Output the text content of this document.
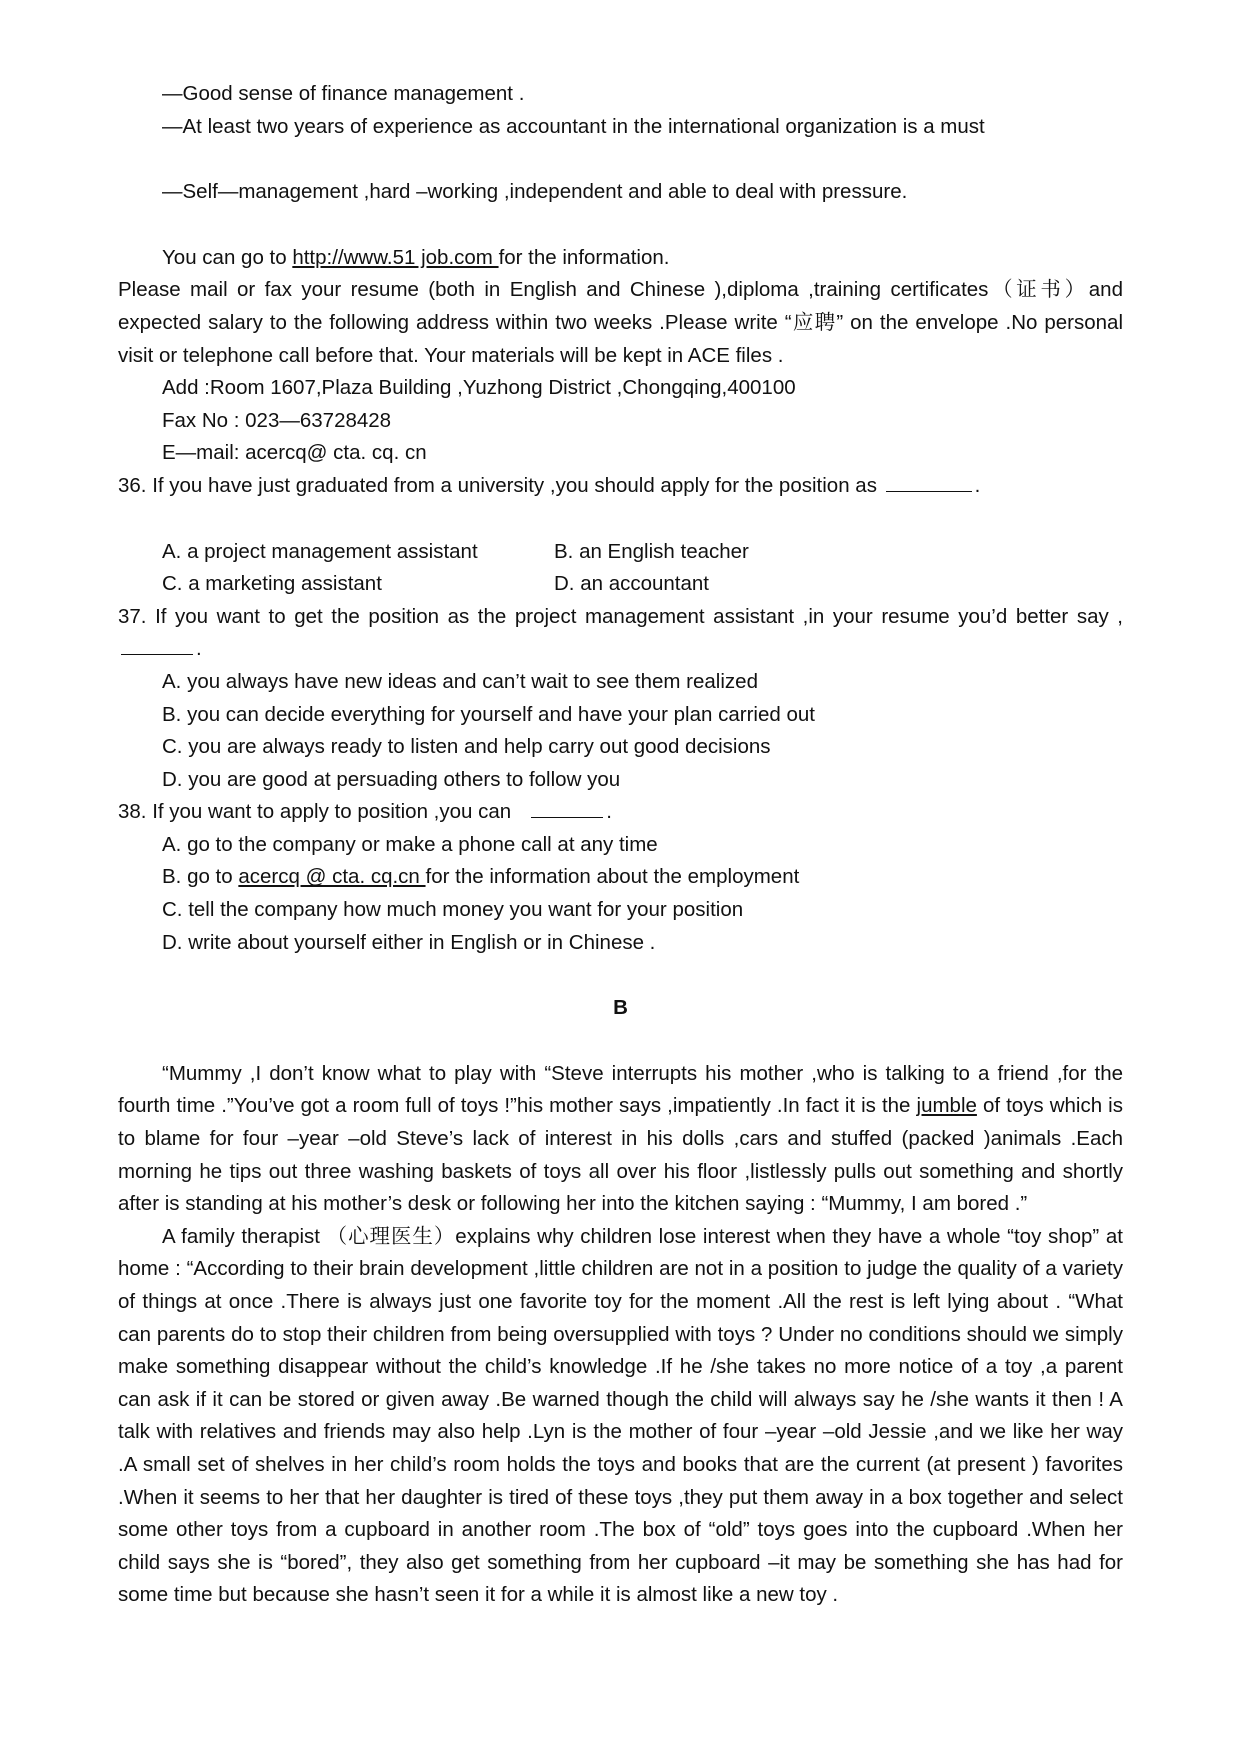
—Good sense of finance management .
—At least two years of experience as accountant in the international organization is a must
—Self—management ,hard –working ,independent and able to deal with pressure.
You can go to http://www.51 job.com for the information.
Please mail or fax your resume (both in English and Chinese ),diploma ,training certificates（证书）and expected salary to the following address within two weeks .Please write “应聘” on the envelope .No personal visit or telephone call before that. Your materials will be kept in ACE files .
Add :Room 1607,Plaza Building ,Yuzhong District ,Chongqing,400100
Fax No : 023—63728428
E—mail: acercq@ cta. cq. cn
36. If you have just graduated from a university ,you should apply for the position as	.
A. a project management assistant	B. an English teacher
C. a marketing assistant	D. an accountant
37. If you want to get the position as the project management assistant ,in your resume you’d better say , .
A. you always have new ideas and can’t wait to see them realized
B. you can decide everything for yourself and have your plan carried out
C. you are always ready to listen and help carry out good decisions
D. you are good at persuading others to follow you
38. If you want to apply to position ,you can	.
A. go to the company or make a phone call at any time
B. go to acercq @ cta. cq.cn for the information about the employment
C. tell the company how much money you want for your position
D. write about yourself either in English or in Chinese .
B
“Mummy ,I don’t know what to play with “Steve interrupts his mother ,who is talking to a friend ,for the fourth time .”You’ve got a room full of toys !”his mother says ,impatiently .In fact it is the jumble of toys which is to blame for four –year –old Steve’s lack of interest in his dolls ,cars and stuffed (packed )animals .Each morning he tips out three washing baskets of toys all over his floor ,listlessly pulls out something and shortly after is standing at his mother’s desk or following her into the kitchen saying : “Mummy, I am bored .”
A family therapist （心理医生）explains why children lose interest when they have a whole “toy shop” at home : “According to their brain development ,little children are not in a position to judge the quality of a variety of things at once .There is always just one favorite toy for the moment .All the rest is left lying about . “What can parents do to stop their children from being oversupplied with toys ? Under no conditions should we simply make something disappear without the child’s knowledge .If he /she takes no more notice of a toy ,a parent can ask if it can be stored or given away .Be warned though the child will always say he /she wants it then ! A talk with relatives and friends may also help .Lyn is the mother of four –year –old Jessie ,and we like her way .A small set of shelves in her child’s room holds the toys and books that are the current (at present ) favorites .When it seems to her that her daughter is tired of these toys ,they put them away in a box together and select some other toys from a cupboard in another room .The box of “old” toys goes into the cupboard .When her child says she is “bored”, they also get something from her cupboard –it may be something she has had for some time but because she hasn’t seen it for a while it is almost like a new toy .
